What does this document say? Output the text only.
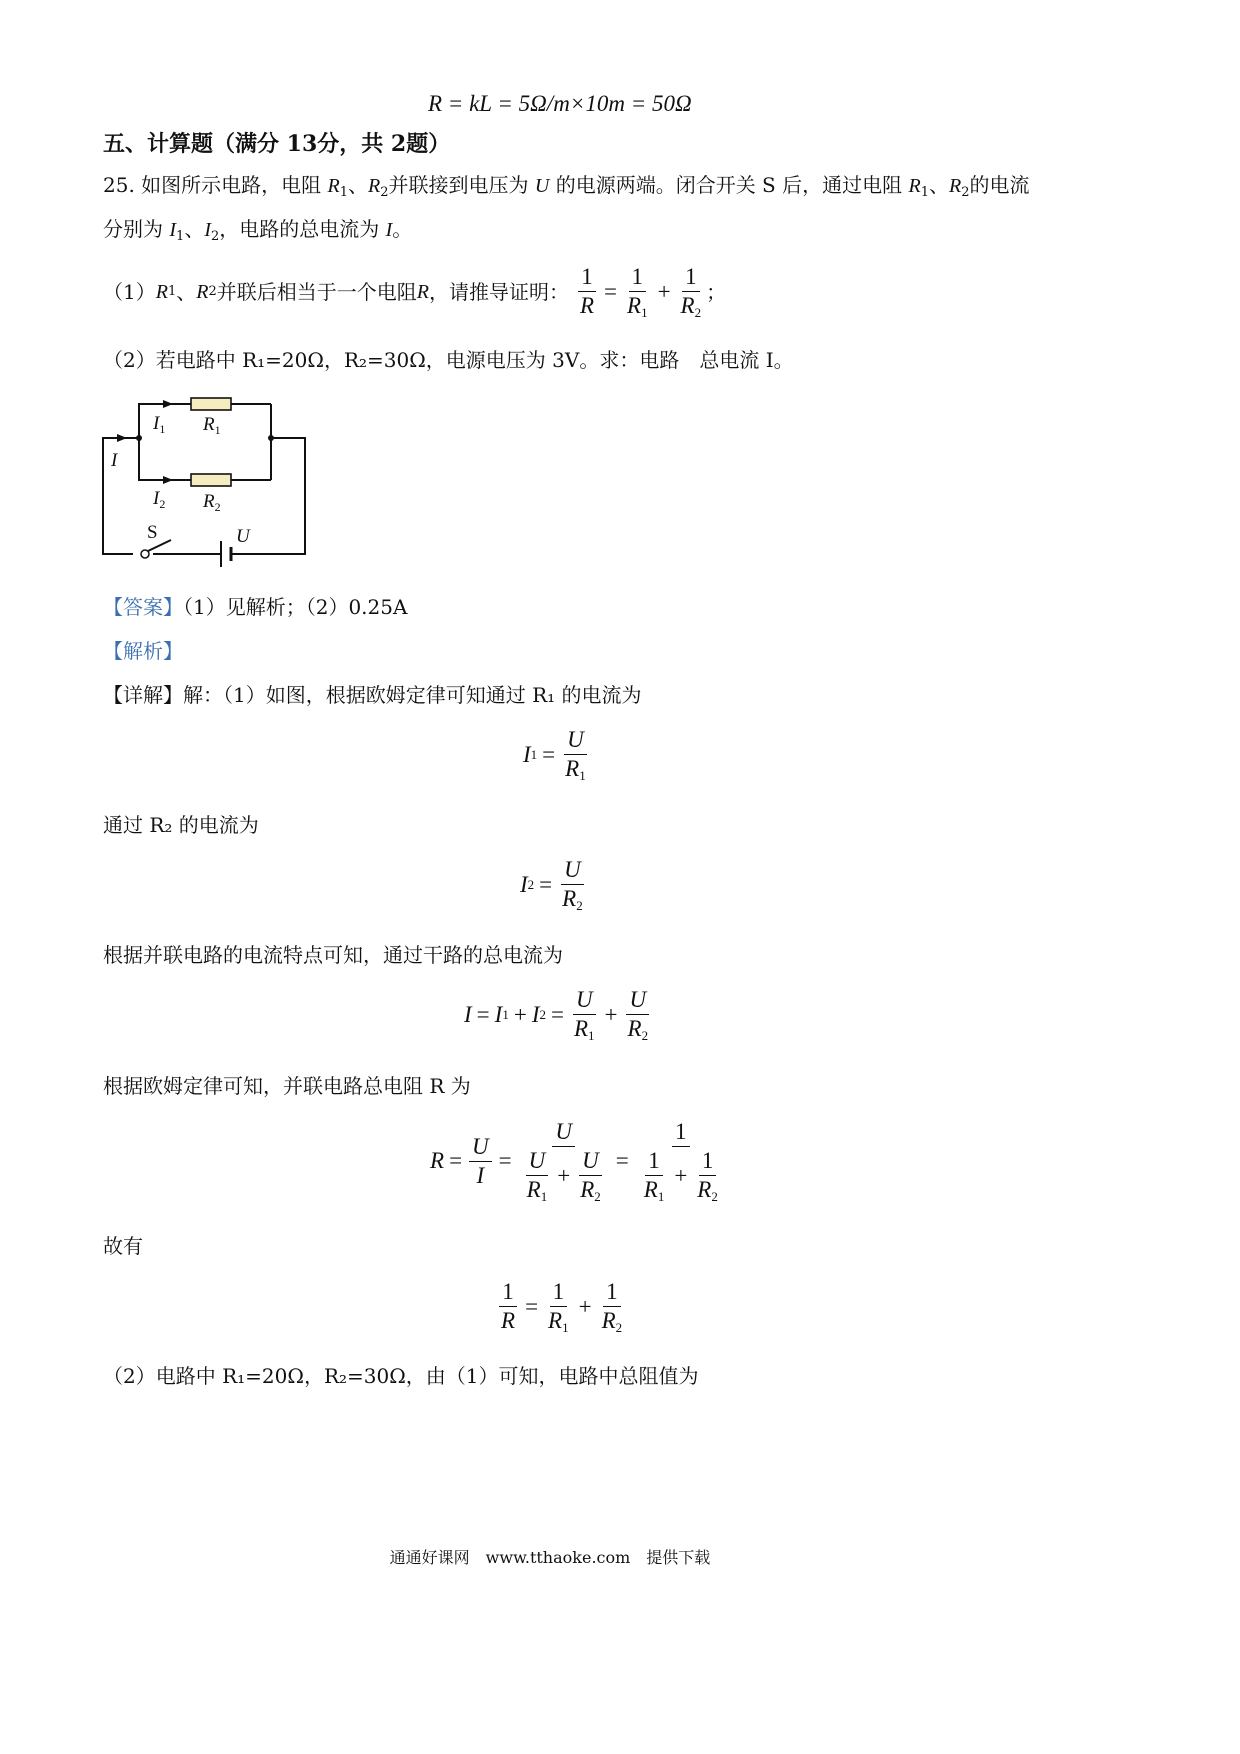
R = kL = 5Ω/m×10m = 50Ω
五、计算题（满分 13分，共 2题）
25. 如图所示电路，电阻 $R_1$、$R_2$并联接到电压为 U 的电源两端。闭合开关 S 后，通过电阻 $R_1$、$R_2$的电流
分别为 $I_1$、$I_2$，电路的总电流为 I。
（1） R 1 、 R 2 并联后相当于一个电阻 R ，请推导证明： $\frac{1}{R} = \frac{1}{R_1} + \frac{1}{R_2}$ ；
（2）若电路中 R₁=20Ω，R₂=30Ω，电源电压为 3V。求：电路　总电流 I。
$I_1$ $R_1$
I
$I_2$ $R_2$
S	U
【答案】（1）见解析；（2）0.25A
【解析】
【详解】解：（1）如图，根据欧姆定律可知通过 R₁ 的电流为
I $1 = \frac{U}{R_1}$
通过 R₂ 的电流为
I $2 = \frac{U}{R_2}$
根据并联电路的电流特点可知，通过干路的总电流为
I = I 1 + I $2 = \frac{U}{R_1} + \frac{U}{R_2}$
根据欧姆定律可知，并联电路总电阻 R 为
$R = \frac{U}{I} = \frac{U}{\frac{U}{R_1} + \frac{U}{R_2}} = \frac{1}{\frac{1}{R_1} + \frac{1}{R_2}}$
故有
$\frac{1}{R} = \frac{1}{R_1} + \frac{1}{R_2}$
（2）电路中 R₁=20Ω，R₂=30Ω，由（1）可知，电路中总阻值为
通通好课网　www.tthaoke.com　提供下载
